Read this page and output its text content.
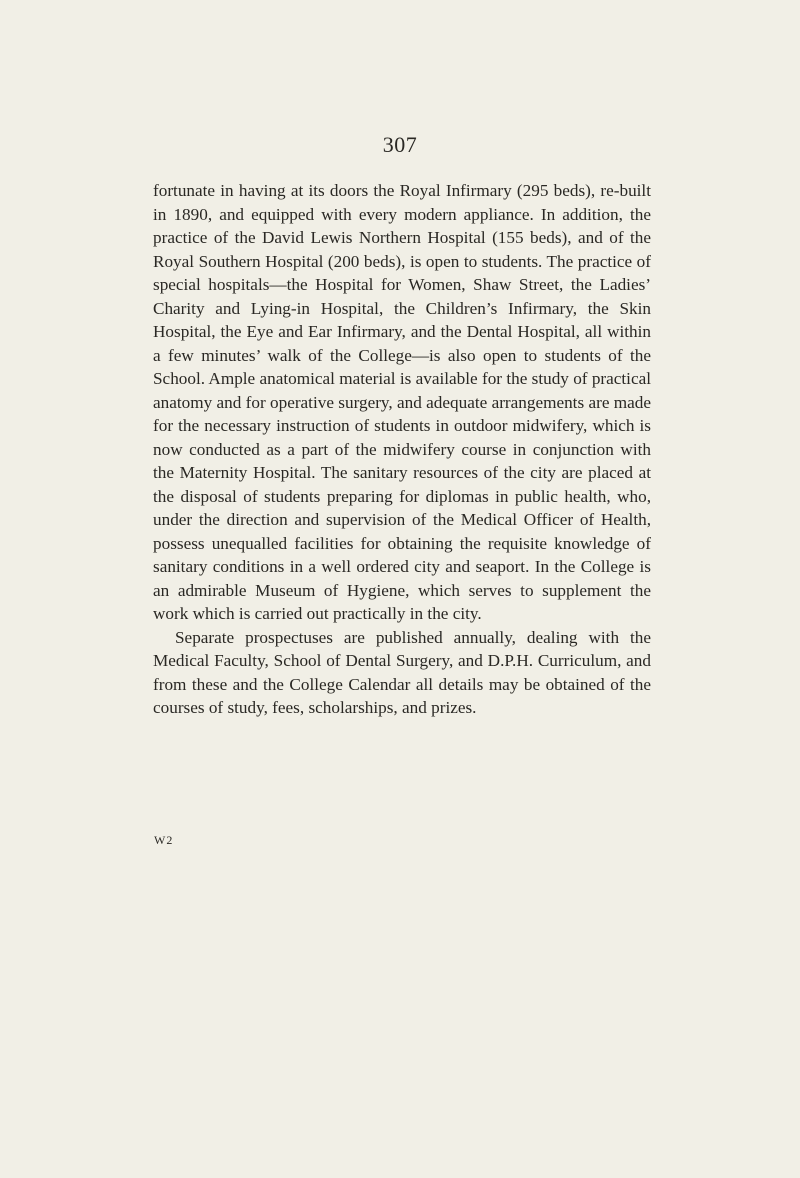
307

fortunate in having at its doors the Royal Infirmary (295 beds), re-built in 1890, and equipped with every modern appliance. In addition, the practice of the David Lewis Northern Hospital (155 beds), and of the Royal Southern Hospital (200 beds), is open to students. The practice of special hospitals—the Hospital for Women, Shaw Street, the Ladies’ Charity and Lying-in Hospital, the Children’s Infirmary, the Skin Hospital, the Eye and Ear Infirmary, and the Dental Hospital, all within a few minutes’ walk of the College—is also open to students of the School. Ample anatomical material is available for the study of practical anatomy and for operative surgery, and adequate arrangements are made for the necessary instruction of students in outdoor midwifery, which is now conducted as a part of the midwifery course in conjunction with the Maternity Hospital. The sanitary resources of the city are placed at the disposal of students preparing for diplomas in public health, who, under the direction and supervision of the Medical Officer of Health, possess unequalled facilities for obtaining the requisite knowledge of sanitary conditions in a well ordered city and seaport. In the College is an admirable Museum of Hygiene, which serves to supplement the work which is carried out practically in the city.

Separate prospectuses are published annually, dealing with the Medical Faculty, School of Dental Surgery, and D.P.H. Curriculum, and from these and the College Calendar all details may be obtained of the courses of study, fees, scholarships, and prizes.

W2
